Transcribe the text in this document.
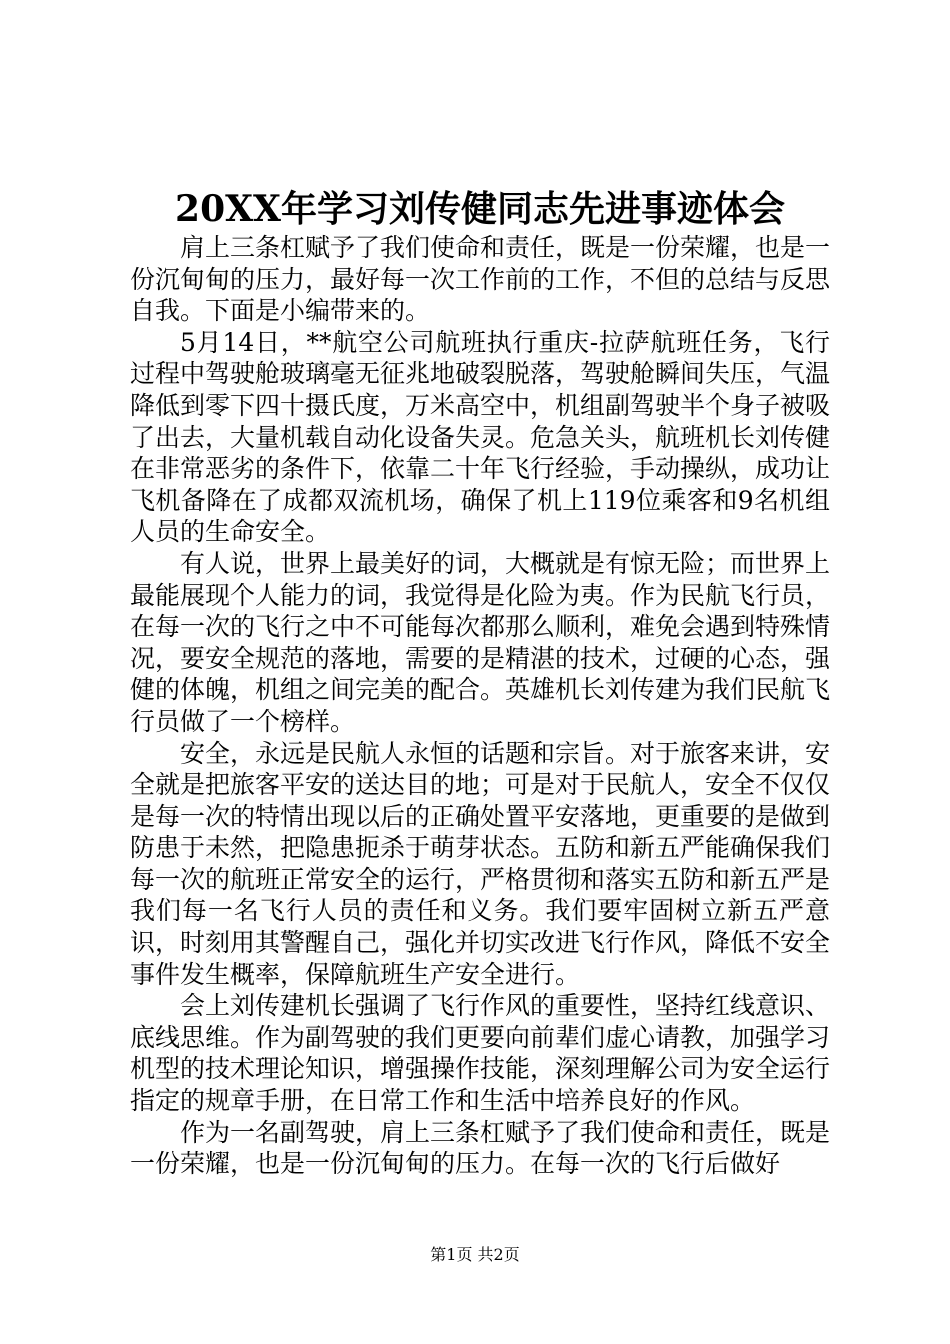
20XX年学习刘传健同志先进事迹体会

肩上三条杠赋予了我们使命和责任，既是一份荣耀，也是一份沉甸甸的压力，最好每一次工作前的工作，不但的总结与反思自我。下面是小编带来的。

5月14日，**航空公司航班执行重庆-拉萨航班任务，飞行过程中驾驶舱玻璃毫无征兆地破裂脱落，驾驶舱瞬间失压，气温降低到零下四十摄氏度，万米高空中，机组副驾驶半个身子被吸了出去，大量机载自动化设备失灵。危急关头，航班机长刘传健在非常恶劣的条件下，依靠二十年飞行经验，手动操纵，成功让飞机备降在了成都双流机场，确保了机上119位乘客和9名机组人员的生命安全。

有人说，世界上最美好的词，大概就是有惊无险；而世界上最能展现个人能力的词，我觉得是化险为夷。作为民航飞行员，在每一次的飞行之中不可能每次都那么顺利，难免会遇到特殊情况，要安全规范的落地，需要的是精湛的技术，过硬的心态，强健的体魄，机组之间完美的配合。英雄机长刘传建为我们民航飞行员做了一个榜样。

安全，永远是民航人永恒的话题和宗旨。对于旅客来讲，安全就是把旅客平安的送达目的地；可是对于民航人，安全不仅仅是每一次的特情出现以后的正确处置平安落地，更重要的是做到防患于未然，把隐患扼杀于萌芽状态。五防和新五严能确保我们每一次的航班正常安全的运行，严格贯彻和落实五防和新五严是我们每一名飞行人员的责任和义务。我们要牢固树立新五严意识，时刻用其警醒自己，强化并切实改进飞行作风，降低不安全事件发生概率，保障航班生产安全进行。

会上刘传建机长强调了飞行作风的重要性，坚持红线意识、底线思维。作为副驾驶的我们更要向前辈们虚心请教，加强学习机型的技术理论知识，增强操作技能，深刻理解公司为安全运行指定的规章手册，在日常工作和生活中培养良好的作风。

作为一名副驾驶，肩上三条杠赋予了我们使命和责任，既是一份荣耀，也是一份沉甸甸的压力。在每一次的飞行后做好

第1页 共2页
